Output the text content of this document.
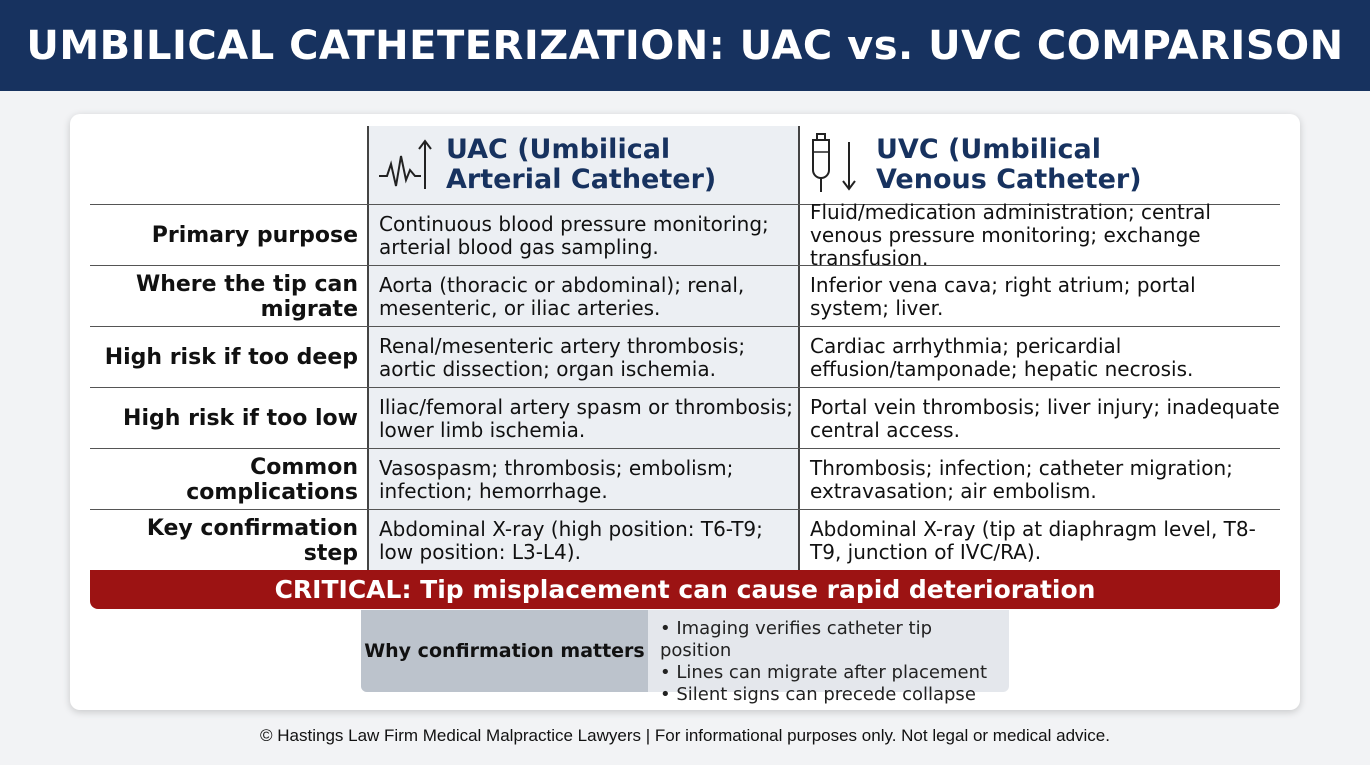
UMBILICAL CATHETERIZATION: UAC vs. UVC COMPARISON
UAC (Umbilical
Arterial Catheter)
UVC (Umbilical
Venous Catheter)
Primary purpose Continuous blood pressure monitoring; arterial blood gas sampling.
Fluid/medication administration; central venous pressure monitoring; exchange transfusion.
Where the tip can migrate
Aorta (thoracic or abdominal); renal, mesenteric, or iliac arteries.
Inferior vena cava; right atrium; portal system; liver.
High risk if too deep Renal/mesenteric artery thrombosis; aortic dissection; organ ischemia.
Cardiac arrhythmia; pericardial effusion/tamponade; hepatic necrosis.
High risk if too low Iliac/femoral artery spasm or thrombosis; lower limb ischemia.
Portal vein thrombosis; liver injury; inadequate central access.
Common complications
Vasospasm; thrombosis; embolism; infection; hemorrhage.
Thrombosis; infection; catheter migration; extravasation; air embolism.
Key confirmation step
Abdominal X-ray (high position: T6-T9; low position: L3-L4).
Abdominal X-ray (tip at diaphragm level, T8-T9, junction of IVC/RA).
CRITICAL: Tip misplacement can cause rapid deterioration
Why confirmation matters
• Imaging verifies catheter tip position
• Lines can migrate after placement
• Silent signs can precede collapse
© Hastings Law Firm Medical Malpractice Lawyers | For informational purposes only. Not legal or medical advice.
